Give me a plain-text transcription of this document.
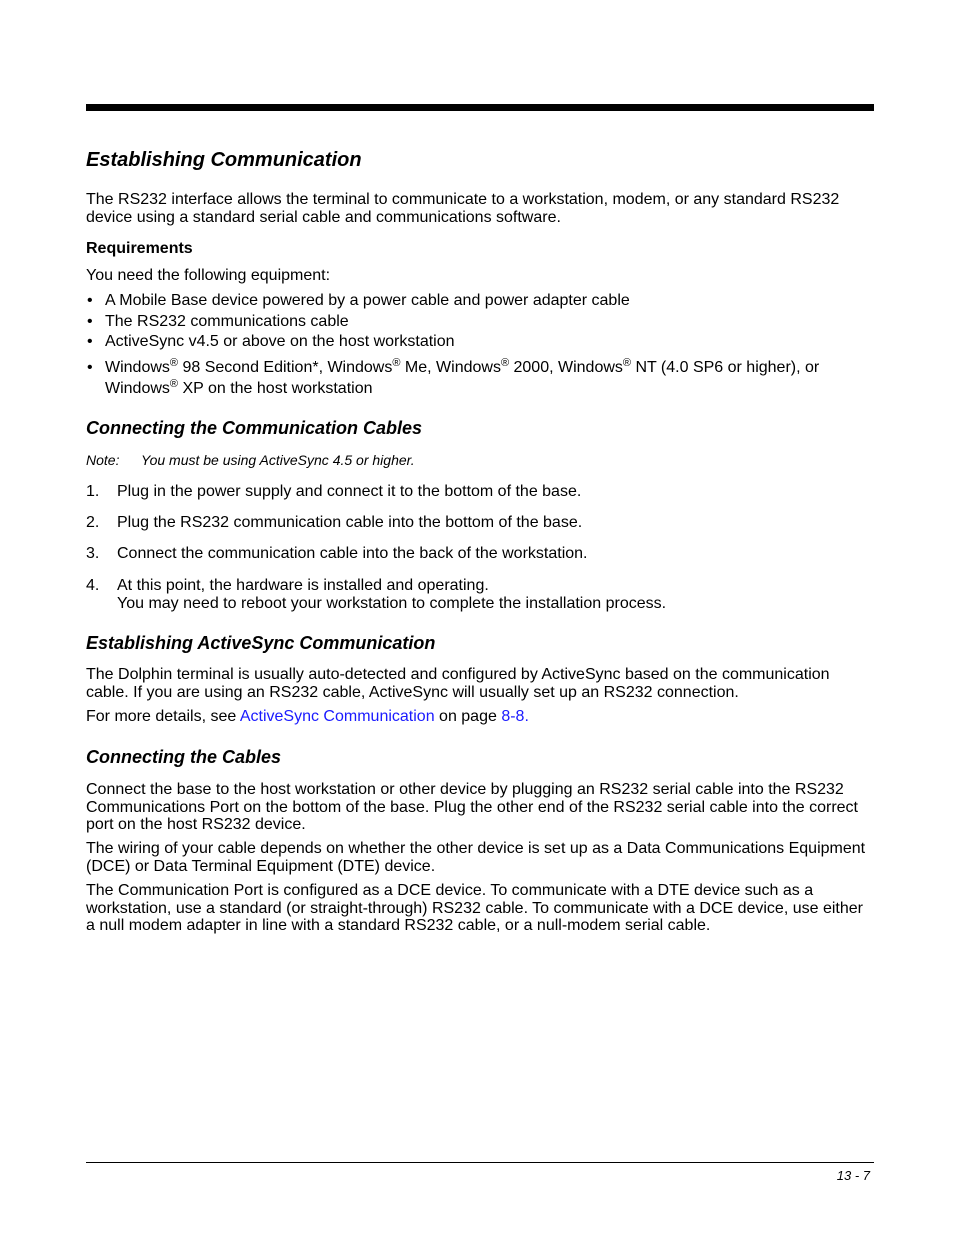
Establishing Communication

The RS232 interface allows the terminal to communicate to a workstation, modem, or any standard RS232 device using a standard serial cable and communications software.

Requirements

You need the following equipment:

• A Mobile Base device powered by a power cable and power adapter cable
• The RS232 communications cable
• ActiveSync v4.5 or above on the host workstation
• Windows® 98 Second Edition*, Windows® Me, Windows® 2000, Windows® NT (4.0 SP6 or higher), or Windows® XP on the host workstation
Connecting the Communication Cables
Note: You must be using ActiveSync 4.5 or higher.
1.	Plug in the power supply and connect it to the bottom of the base.
2.	Plug the RS232 communication cable into the bottom of the base.
3.	Connect the communication cable into the back of the workstation.
4.	At this point, the hardware is installed and operating.
You may need to reboot your workstation to complete the installation process.
Establishing ActiveSync Communication

The Dolphin terminal is usually auto-detected and configured by ActiveSync based on the communication cable. If you are using an RS232 cable, ActiveSync will usually set up an RS232 connection.

For more details, see ActiveSync Communication on page 8-8.

Connecting the Cables

Connect the base to the host workstation or other device by plugging an RS232 serial cable into the RS232 Communications Port on the bottom of the base. Plug the other end of the RS232 serial cable into the correct port on the host RS232 device.

The wiring of your cable depends on whether the other device is set up as a Data Communications Equipment (DCE) or Data Terminal Equipment (DTE) device.

The Communication Port is configured as a DCE device. To communicate with a DTE device such as a workstation, use a standard (or straight-through) RS232 cable. To communicate with a DCE device, use either a null modem adapter in line with a standard RS232 cable, or a null-modem serial cable.

13 - 7
